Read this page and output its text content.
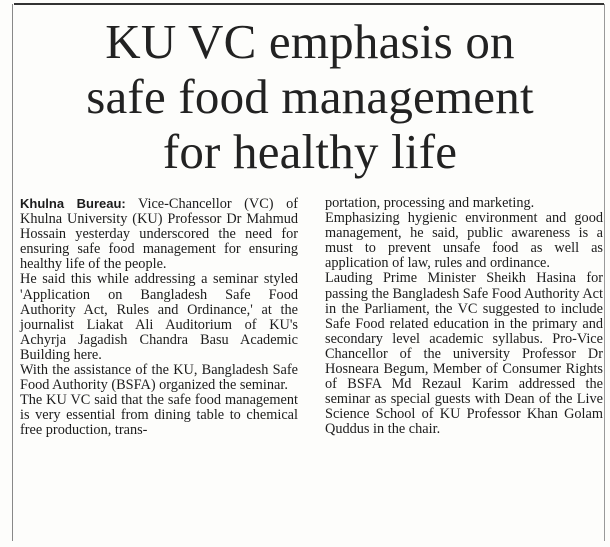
KU VC emphasis on
safe food management
for healthy life

Khulna Bureau: Vice-Chancellor (VC) of Khulna University (KU) Professor Dr Mahmud Hossain yesterday underscored the need for ensuring safe food management for ensuring healthy life of the people.

He said this while addressing a seminar styled 'Application on Bangladesh Safe Food Authority Act, Rules and Ordinance,' at the journalist Liakat Ali Auditorium of KU's Achyrja Jagadish Chandra Basu Academic Building here.

With the assistance of the KU, Bangladesh Safe Food Authority (BSFA) organized the seminar.

The KU VC said that the safe food management is very essential from dining table to chemical free production, trans-

portation, processing and marketing.

Emphasizing hygienic environment and good management, he said, public awareness is a must to prevent unsafe food as well as application of law, rules and ordinance.

Lauding Prime Minister Sheikh Hasina for passing the Bangladesh Safe Food Authority Act in the Parliament, the VC suggested to include Safe Food related education in the primary and secondary level academic syllabus. Pro-Vice Chancellor of the university Professor Dr Hosneara Begum, Member of Consumer Rights of BSFA Md Rezaul Karim addressed the seminar as special guests with Dean of the Live Science School of KU Professor Khan Golam Quddus in the chair.
